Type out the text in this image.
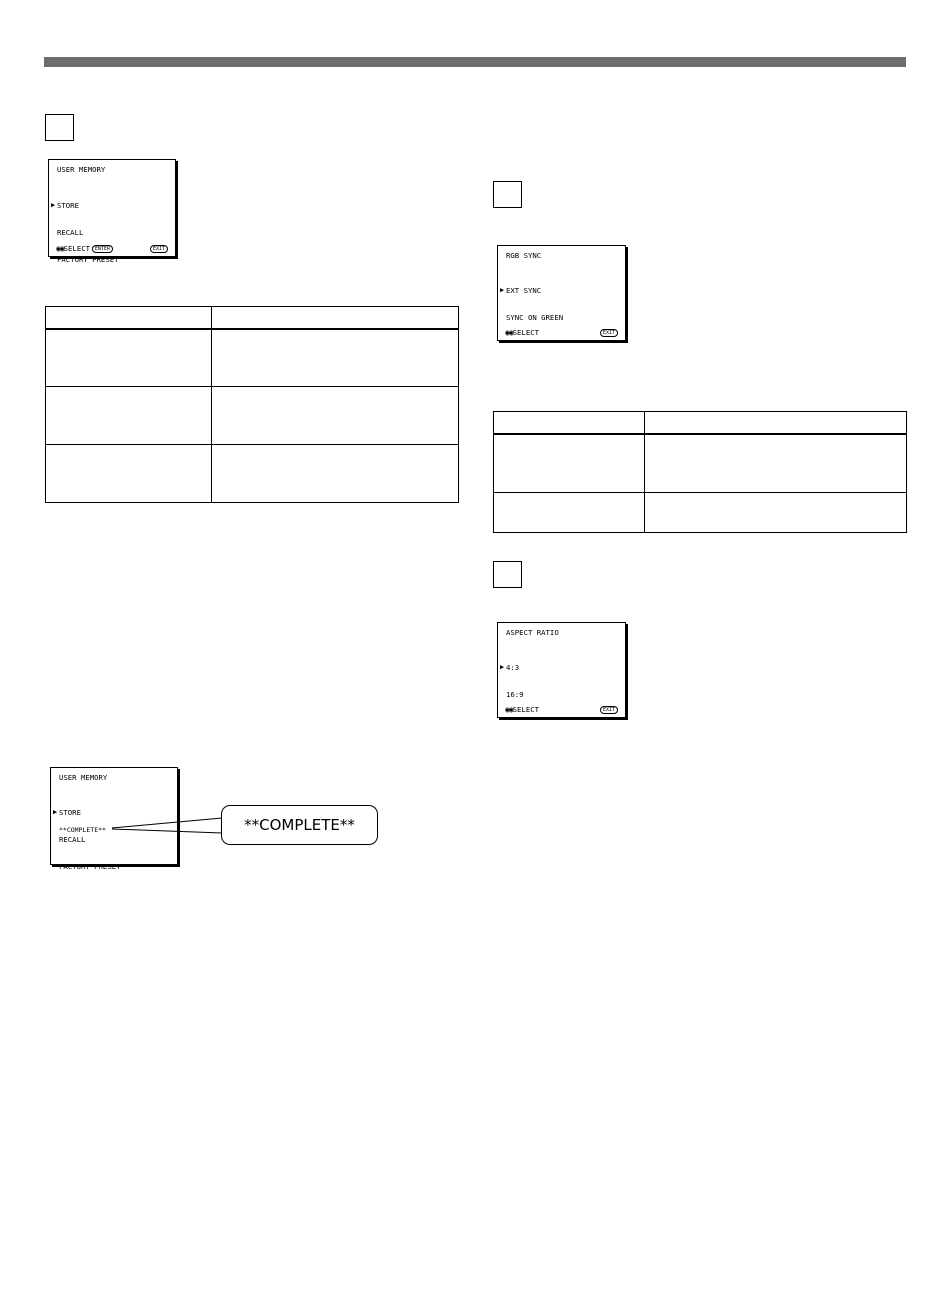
USER MEMORY

▶ STORE

RECALL

FACTORY PRESET

◉◉ SELECT	ENTER	EXIT

USER MEMORY

▶ STORE

RECALL

FACTORY PRESET

**COMPLETE**	**COMPLETE**
RGB SYNC

▶ EXT SYNC

SYNC ON GREEN

◉◉ SELECT	EXIT

ASPECT RATIO

▶ 4:3

16:9

◉◉ SELECT	EXIT
